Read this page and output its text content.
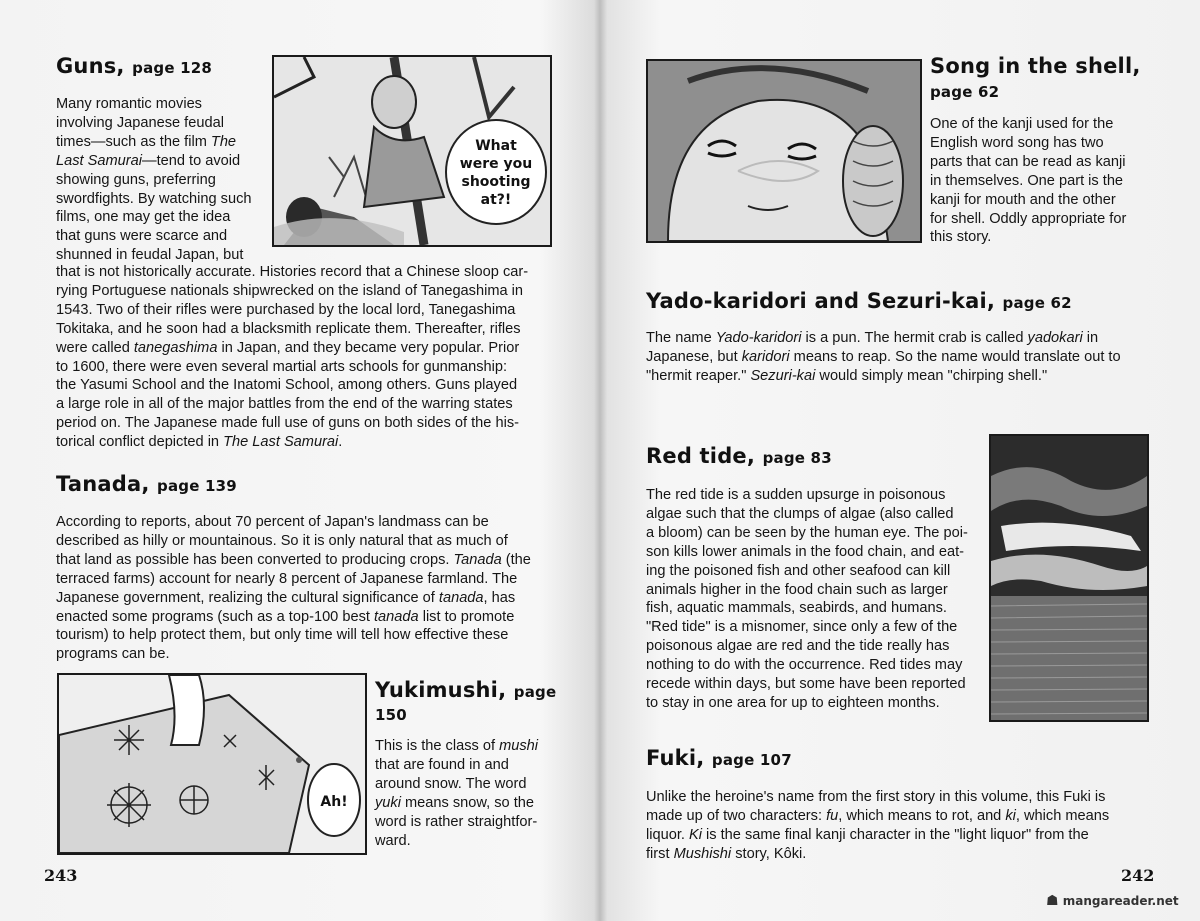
Guns, page 128
What
were you
shooting
at?!

Many romantic movies
involving Japanese feudal
times—such as the film The
Last Samurai—tend to avoid
showing guns, preferring
swordfights. By watching such
films, one may get the idea
that guns were scarce and
shunned in feudal Japan, but

that is not historically accurate. Histories record that a Chinese sloop car-
rying Portuguese nationals shipwrecked on the island of Tanegashima in
1543. Two of their rifles were purchased by the local lord, Tanegashima
Tokitaka, and he soon had a blacksmith replicate them. Thereafter, rifles
were called tanegashima in Japan, and they became very popular. Prior
to 1600, there were even several martial arts schools for gunmanship:
the Yasumi School and the Inatomi School, among others. Guns played
a large role in all of the major battles from the end of the warring states
period on. The Japanese made full use of guns on both sides of the his-
torical conflict depicted in The Last Samurai.

Tanada, page 139

According to reports, about 70 percent of Japan's landmass can be
described as hilly or mountainous. So it is only natural that as much of
that land as possible has been converted to producing crops. Tanada (the
terraced farms) account for nearly 8 percent of Japanese farmland. The
Japanese government, realizing the cultural significance of tanada, has
enacted some programs (such as a top-100 best tanada list to promote
tourism) to help protect them, but only time will tell how effective these
programs can be.

Ah!
Yukimushi, page
150

This is the class of mushi
that are found in and
around snow. The word
yuki means snow, so the
word is rather straightfor-
ward.

243
Song in the shell,
page 62

One of the kanji used for the
English word song has two
parts that can be read as kanji
in themselves. One part is the
kanji for mouth and the other
for shell. Oddly appropriate for
this story.

Yado-karidori and Sezuri-kai, page 62

The name Yado-karidori is a pun. The hermit crab is called yadokari in
Japanese, but karidori means to reap. So the name would translate out to
"hermit reaper." Sezuri-kai would simply mean "chirping shell."

Red tide, page 83

The red tide is a sudden upsurge in poisonous
algae such that the clumps of algae (also called
a bloom) can be seen by the human eye. The poi-
son kills lower animals in the food chain, and eat-
ing the poisoned fish and other seafood can kill
animals higher in the food chain such as larger
fish, aquatic mammals, seabirds, and humans.
"Red tide" is a misnomer, since only a few of the
poisonous algae are red and the tide really has
nothing to do with the occurrence. Red tides may
recede within days, but some have been reported
to stay in one area for up to eighteen months.

Fuki, page 107

Unlike the heroine's name from the first story in this volume, this Fuki is
made up of two characters: fu, which means to rot, and ki, which means
liquor. Ki is the same final kanji character in the "light liquor" from the
first Mushishi story, Kôki.

242
☗ mangareader.net
